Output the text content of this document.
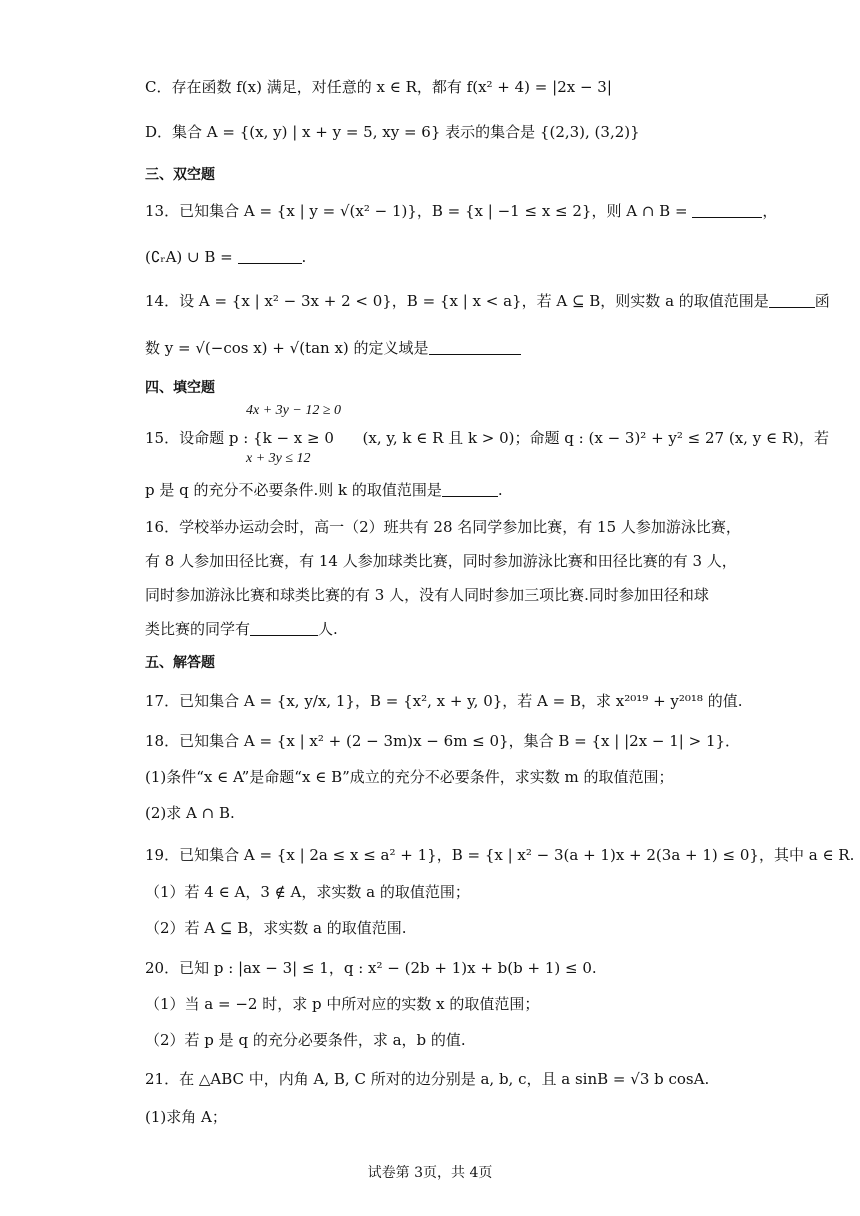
C．存在函数 f(x) 满足，对任意的 x ∈ R，都有 f(x² + 4) = |2x − 3|
D．集合 A = {(x, y) | x + y = 5, xy = 6} 表示的集合是 {(2,3), (3,2)}
三、双空题
13．已知集合 A = {x | y = √(x² − 1)}，B = {x | −1 ≤ x ≤ 2}，则 A ∩ B =	，
(∁ᵣA) ∪ B =	.
14．设 A = {x | x² − 3x + 2 < 0}，B = {x | x < a}，若 A ⊆ B，则实数 a 的取值范围是	函
数 y = √(−cos x) + √(tan x) 的定义域是
四、填空题
4x + 3y − 12 ≥ 0
15．设命题 p : {k − x ≥ 0 (x, y, k ∈ R 且 k > 0)；命题 q : (x − 3)² + y² ≤ 27 (x, y ∈ R)，若
x + 3y ≤ 12
p 是 q 的充分不必要条件.则 k 的取值范围是	.
16．学校举办运动会时，高一（2）班共有 28 名同学参加比赛，有 15 人参加游泳比赛，
有 8 人参加田径比赛，有 14 人参加球类比赛，同时参加游泳比赛和田径比赛的有 3 人，
同时参加游泳比赛和球类比赛的有 3 人，没有人同时参加三项比赛.同时参加田径和球
类比赛的同学有	人.
五、解答题
17．已知集合 A = {x, y/x, 1}，B = {x², x + y, 0}，若 A = B，求 x²⁰¹⁹ + y²⁰¹⁸ 的值.
18．已知集合 A = {x | x² + (2 − 3m)x − 6m ≤ 0}，集合 B = {x | |2x − 1| > 1}．
(1)条件“x ∈ A”是命题“x ∈ B”成立的充分不必要条件，求实数 m 的取值范围；
(2)求 A ∩ B.
19．已知集合 A = {x | 2a ≤ x ≤ a² + 1}，B = {x | x² − 3(a + 1)x + 2(3a + 1) ≤ 0}，其中 a ∈ R.
（1）若 4 ∈ A，3 ∉ A，求实数 a 的取值范围；
（2）若 A ⊆ B，求实数 a 的取值范围.
20．已知 p : |ax − 3| ≤ 1，q : x² − (2b + 1)x + b(b + 1) ≤ 0.
（1）当 a = −2 时，求 p 中所对应的实数 x 的取值范围；
（2）若 p 是 q 的充分必要条件，求 a，b 的值.
21．在 △ABC 中，内角 A, B, C 所对的边分别是 a, b, c，且 a sinB = √3 b cosA.
(1)求角 A；
试卷第 3页，共 4页
